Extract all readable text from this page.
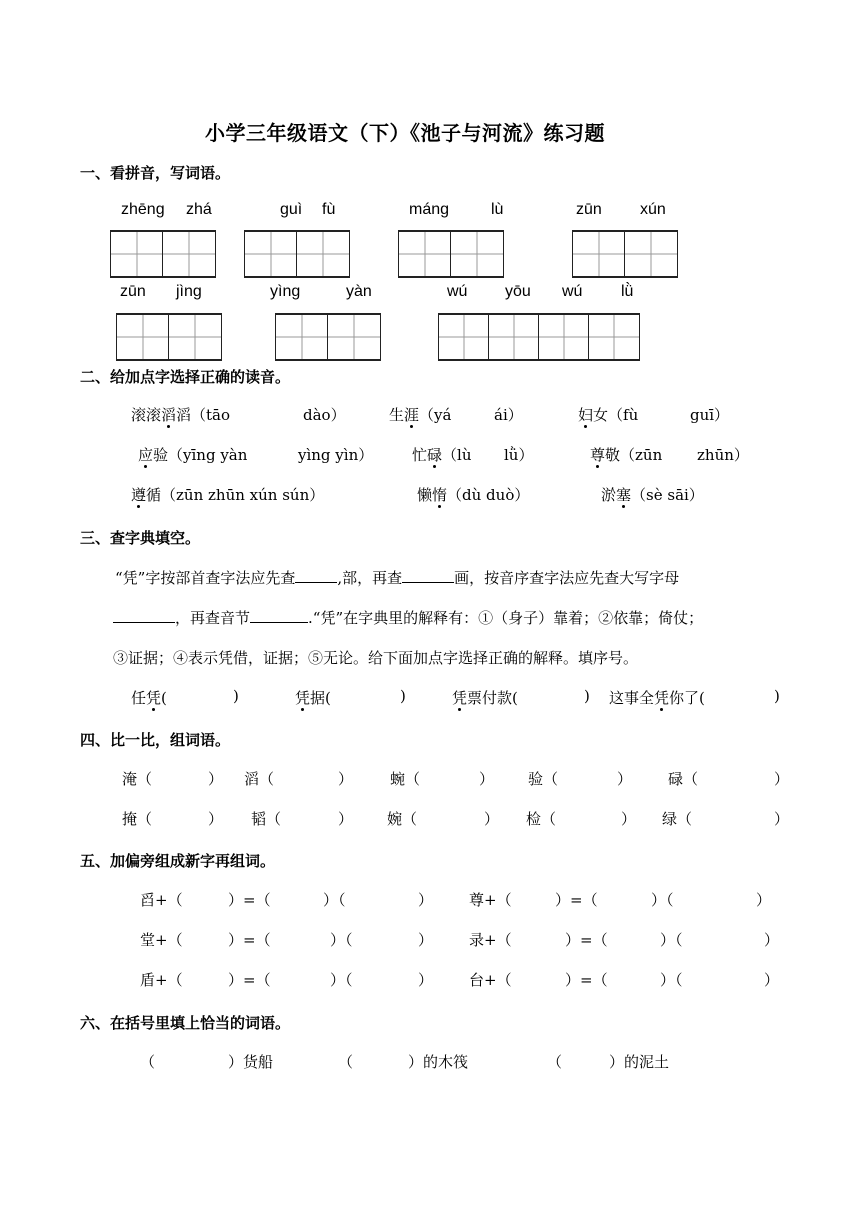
小学三年级语文（下）《池子与河流》练习题
一、看拼音，写词语。
zhēng zhá	guì fù	máng	lù	zūn xún
zūn jìng	yìng	yàn	wú yōu wú lǜ
二、给加点字选择正确的读音。
滚滚滔滔（tāo	dào）	生涯（yá	ái）	妇女（fù	guī）
应验（yīng yàn	yìng yìn）	忙碌（lù lǜ）	尊敬（zūn zhūn）
遵循（zūn zhūn xún sún）	懒惰（dù duò）	淤塞（sè sāi）
三、查字典填空。
“凭”字按部首查字法应先查	,部，再查	画，按音序查字法应先查大写字母
，再查音节	.“凭”在字典里的解释有：①（身子）靠着；②依靠；倚仗；
③证据；④表示凭借，证据；⑤无论。给下面加点字选择正确的解释。填序号。
任凭(	)	凭据(	)	凭票付款(	) 这事全凭你了(	)
四、比一比，组词语。
淹（	） 滔（	） 蜿（	） 验（	） 碌（	）
掩（	） 韬（	） 婉（	） 检（	） 绿（	）
五、加偏旁组成新字再组词。
舀+（	）=（	）（	） 尊+（	）=（	）（	）
堂+（	）=（	）（	） 录+（	）=（	）（	）
盾+（	）=（	）（	） 台+（	）=（	）（	）
六、在括号里填上恰当的词语。
（	）货船	（	）的木筏	（	）的泥土
